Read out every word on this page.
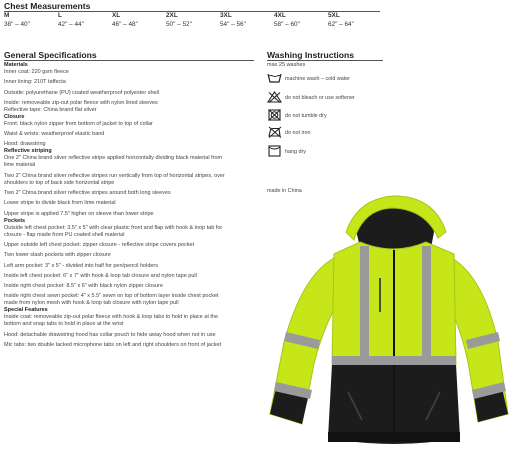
Chest Measurements
M
38" – 40"
L
42" – 44"
XL
46" – 48"
2XL
50" – 52"
3XL
54" – 56"
4XL
58" – 60"
5XL
62" – 64"
General Specifications
Materials
Inner coat: 220 gsm fleece
Inner lining: 210T taffecta
Outside: polyurethane (PU) coated weatherproof polyester shell
Inside: removeable zip-out polar fleece with nylon lined sleeves
Reflective tape: China brand flat silver
Closure
Front: black nylon zipper from bottom of jacket to top of collar
Waist & wrists: weatherproof elastic band
Hood: drawstring
Reflective striping
One 2" China brand silver reflective stripe applied horizontally dividing black material from
lime material
Two 2" China brand silver reflective stripes run vertically from top of horizontal stripes, over
shoulders to top of back side horizontal stripe
Two 2" China brand silver reflective stripes around both long sleeves
Lower stripe to divide black from lime material
Upper stripe is applied 7.5" higher on sleeve than lower stripe
Pockets
Outside left chest pocket: 3.5" x 5" with clear plastic front and flap with hook & loop tab for
closure - flap made from PU coated shell material
Upper outside left chest pocket: zipper closure - reflective stripe covers pocket
Two lower slash pockets with zipper closure
Left arm pocket: 3" x 5" - divided into half for pen/pencil holders
Inside left chest pocket: 6" x 7" with hook & loop tab closure and nylon tape pull
Inside right chest pocket: 8.5" x 6" with black nylon zipper closure
Inside right chest sewn pocket: 4" x 5.5" sewn on top of bottom layer inside chest pocket
made from nylon mesh with hook & loop tab closure with nylon tape pull
Special Features
Inside coat: removeable zip-out polar fleece with hook & loop tabs to hold in place at the
bottom and snap tabs to hold in place at the wrist
Hood: detachable drawstring hood has collar pouch to hide away hood when not in use
Mic tabs: two double tacked microphone tabs on left and right shoulders on front of jacket
Washing Instructions
max 25 washes
machine wash – cold water
do not bleach or use softener
do not tumble dry
do not iron
hang dry
made in China
